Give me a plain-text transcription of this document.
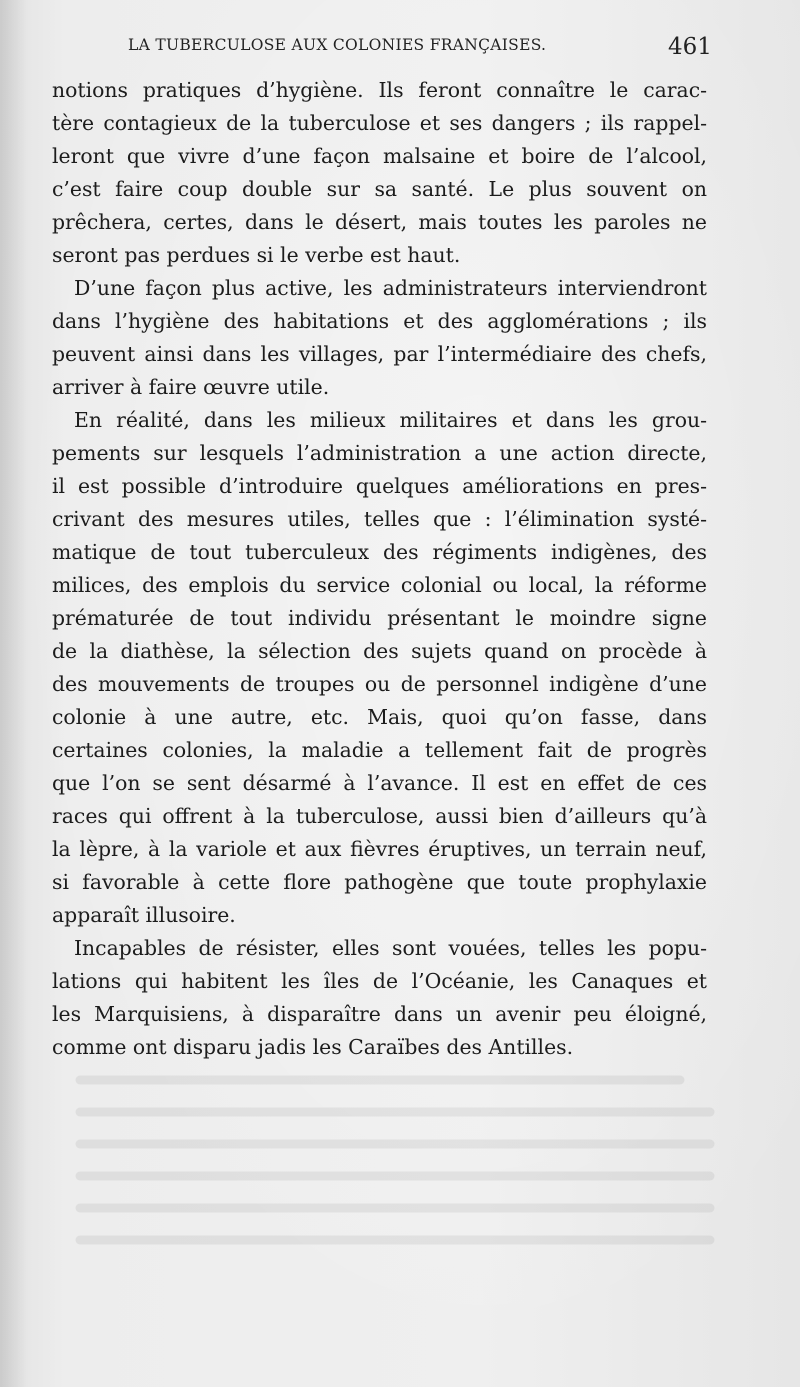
LA TUBERCULOSE AUX COLONIES FRANÇAISES.	461
notions pratiques d’hygiène. Ils feront connaître le carac-
tère contagieux de la tuberculose et ses dangers ; ils rappel-
leront que vivre d’une façon malsaine et boire de l’alcool,
c’est faire coup double sur sa santé. Le plus souvent on
prêchera, certes, dans le désert, mais toutes les paroles ne
seront pas perdues si le verbe est haut.
D’une façon plus active, les administrateurs interviendront
dans l’hygiène des habitations et des agglomérations ; ils
peuvent ainsi dans les villages, par l’intermédiaire des chefs,
arriver à faire œuvre utile.
En réalité, dans les milieux militaires et dans les grou-
pements sur lesquels l’administration a une action directe,
il est possible d’introduire quelques améliorations en pres-
crivant des mesures utiles, telles que : l’élimination systé-
matique de tout tuberculeux des régiments indigènes, des
milices, des emplois du service colonial ou local, la réforme
prématurée de tout individu présentant le moindre signe
de la diathèse, la sélection des sujets quand on procède à
des mouvements de troupes ou de personnel indigène d’une
colonie à une autre, etc. Mais, quoi qu’on fasse, dans
certaines colonies, la maladie a tellement fait de progrès
que l’on se sent désarmé à l’avance. Il est en effet de ces
races qui offrent à la tuberculose, aussi bien d’ailleurs qu’à
la lèpre, à la variole et aux fièvres éruptives, un terrain neuf,
si favorable à cette flore pathogène que toute prophylaxie
apparaît illusoire.
Incapables de résister, elles sont vouées, telles les popu-
lations qui habitent les îles de l’Océanie, les Canaques et
les Marquisiens, à disparaître dans un avenir peu éloigné,
comme ont disparu jadis les Caraïbes des Antilles.
